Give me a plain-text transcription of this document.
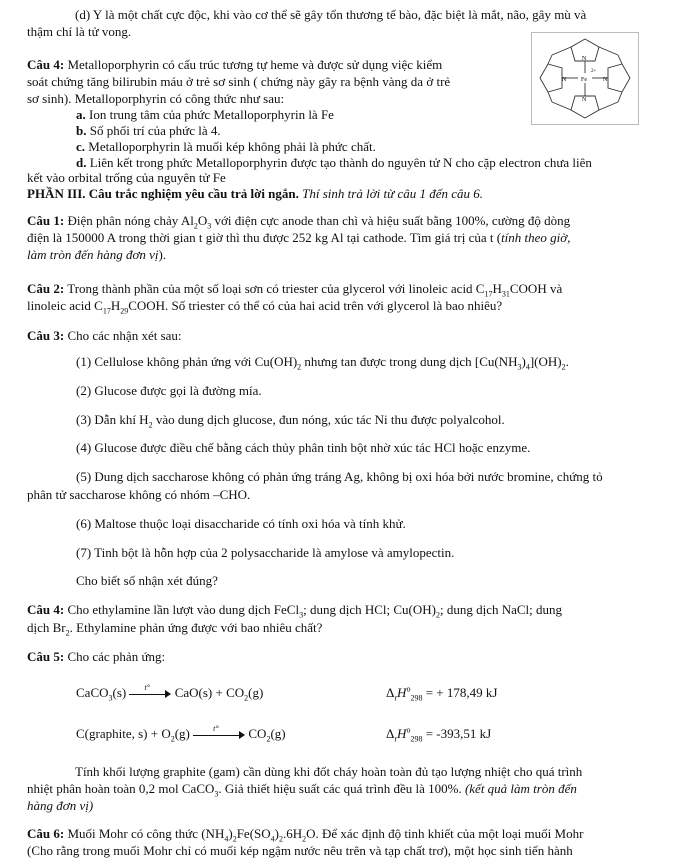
(d) Y là một chất cực độc, khi vào cơ thể sẽ gây tổn thương tế bào, đặc biệt là mắt, não, gây mù và
thậm chí là tử vong.
Câu 4: Metalloporphyrin có cấu trúc tương tự heme và được sử dụng việc kiểm
soát chứng tăng bilirubin máu ở trẻ sơ sinh ( chứng này gây ra bệnh vàng da ở trẻ
sơ sinh). Metalloporphyrin có công thức như sau:
a. Ion trung tâm của phức Metalloporphyrin là Fe
b. Số phối trí của phức là 4.
c. Metalloporphyrin là muối kép không phải là phức chất.
d. Liên kết trong phức Metalloporphyrin được tạo thành do nguyên tử N cho cặp electron chưa liên
kết vào orbital trống của nguyên tử Fe
N
N
N	N
Fe
2+
PHẦN III. Câu trắc nghiệm yêu cầu trả lời ngắn. Thí sinh trả lời từ câu 1 đến câu 6.
Câu 1: Điện phân nóng chảy $Al_2O_3$ với điện cực anode than chì và hiệu suất bằng 100%, cường độ dòng
điện là 150000 A trong thời gian t giờ thì thu được 252 kg Al tại cathode. Tìm giá trị của t (tính theo giờ,
làm tròn đến hàng đơn vị).
Câu 2: Trong thành phần của một số loại sơn có triester của glycerol với linoleic acid $C_{17}H_{31}COOH$ và
linoleic acid $C_{17}H_{29}COOH$. Số triester có thể có của hai acid trên với glycerol là bao nhiêu?
Câu 3: Cho các nhận xét sau:
(1) Cellulose không phản ứng với $Cu(OH)_2$ nhưng tan được trong dung dịch $[Cu(NH_3)_4](OH)_2$.
(2) Glucose được gọi là đường mía.
(3) Dẫn khí $H_2$ vào dung dịch glucose, đun nóng, xúc tác Ni thu được polyalcohol.
(4) Glucose được điều chế bằng cách thủy phân tinh bột nhờ xúc tác HCl hoặc enzyme.
(5) Dung dịch saccharose không có phản ứng tráng Ag, không bị oxi hóa bởi nước bromine, chứng tỏ
phân tử saccharose không có nhóm –CHO.
(6) Maltose thuộc loại disaccharide có tính oxi hóa và tính khử.
(7) Tinh bột là hỗn hợp của 2 polysaccharide là amylose và amylopectin.
Cho biết số nhận xét đúng?
Câu 4: Cho ethylamine lần lượt vào dung dịch FeCl$_3$; dung dịch HCl; $Cu(OH)_2$; dung dịch NaCl; dung
dịch $Br_2$. Ethylamine phản ứng được với bao nhiêu chất?
Câu 5: Cho các phản ứng:
CaCO$_3$(s) t° $CaO(s) + CO_2(g)$	$\Delta_rH^o_{298}$ = + 178,49 kJ
C(graphite, $s) + O_2(g)$	t° $CO_2(g)$	$\Delta_rH^o_{298} = -393,51$ kJ
Tính khối lượng graphite (gam) cần dùng khi đốt cháy hoàn toàn đủ tạo lượng nhiệt cho quá trình
nhiệt phân hoàn toàn 0,2 mol CaCO$_3$. Giả thiết hiệu suất các quá trình đều là 100%. (kết quả làm tròn đến
hàng đơn vị)
Câu 6: Muối Mohr có công thức $(NH_4)_2Fe(SO_4)_2.6H_2O$. Để xác định độ tinh khiết của một loại muối Mohr
(Cho rằng trong muối Mohr chỉ có muối kép ngậm nước nêu trên và tạp chất trơ), một học sinh tiến hành
